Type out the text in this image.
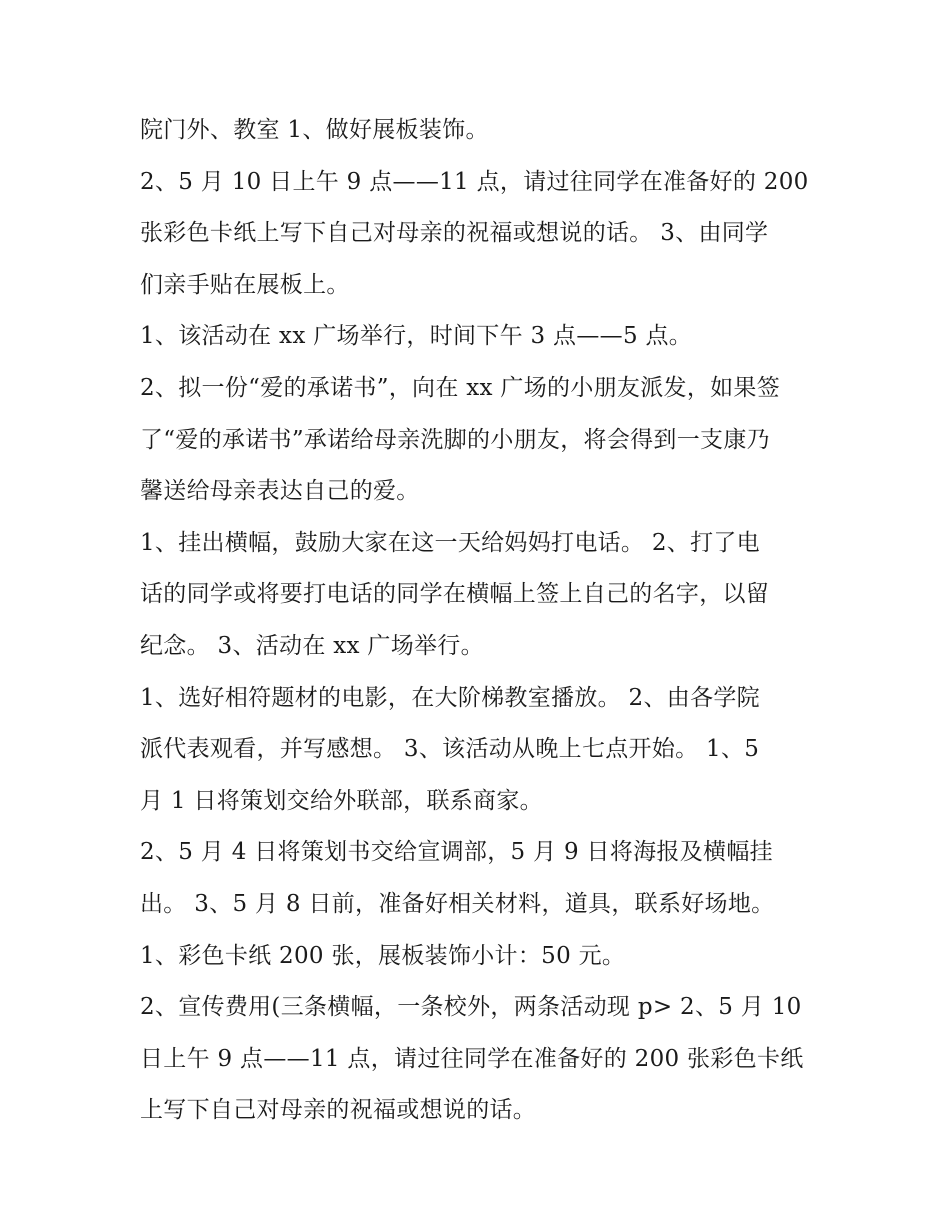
院门外、教室 1、做好展板装饰。
2、5 月 10 日上午 9 点——11 点，请过往同学在准备好的 200
张彩色卡纸上写下自己对母亲的祝福或想说的话。 3、由同学
们亲手贴在展板上。
1、该活动在 xx 广场举行，时间下午 3 点——5 点。
2、拟一份“爱的承诺书”，向在 xx 广场的小朋友派发，如果签
了“爱的承诺书”承诺给母亲洗脚的小朋友，将会得到一支康乃
馨送给母亲表达自己的爱。
1、挂出横幅，鼓励大家在这一天给妈妈打电话。 2、打了电
话的同学或将要打电话的同学在横幅上签上自己的名字，以留
纪念。 3、活动在 xx 广场举行。
1、选好相符题材的电影，在大阶梯教室播放。 2、由各学院
派代表观看，并写感想。 3、该活动从晚上七点开始。 1、5
月 1 日将策划交给外联部，联系商家。
2、5 月 4 日将策划书交给宣调部，5 月 9 日将海报及横幅挂
出。 3、5 月 8 日前，准备好相关材料，道具，联系好场地。
1、彩色卡纸 200 张，展板装饰小计：50 元。
2、宣传费用(三条横幅，一条校外，两条活动现 p> 2、5 月 10
日上午 9 点——11 点，请过往同学在准备好的 200 张彩色卡纸
上写下自己对母亲的祝福或想说的话。
